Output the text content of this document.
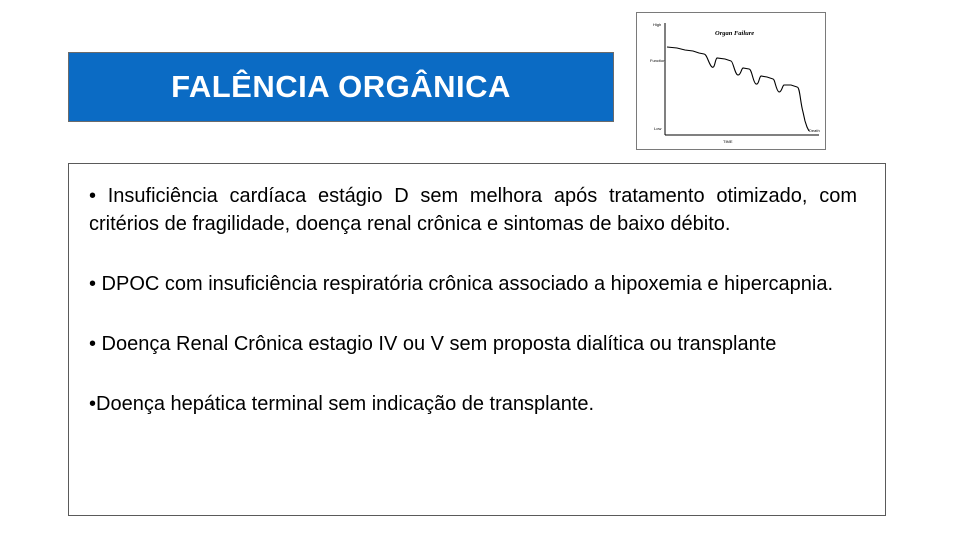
FALÊNCIA ORGÂNICA
Organ Failure
High
Function
Low
TIME
Death

• Insuficiência cardíaca estágio D sem melhora após tratamento otimizado, com critérios de fragilidade, doença renal crônica e sintomas de baixo débito.

• DPOC com insuficiência respiratória crônica associado a hipoxemia e hipercapnia.

• Doença Renal Crônica estagio IV ou V sem proposta dialítica ou transplante

•Doença hepática terminal sem indicação de transplante.
